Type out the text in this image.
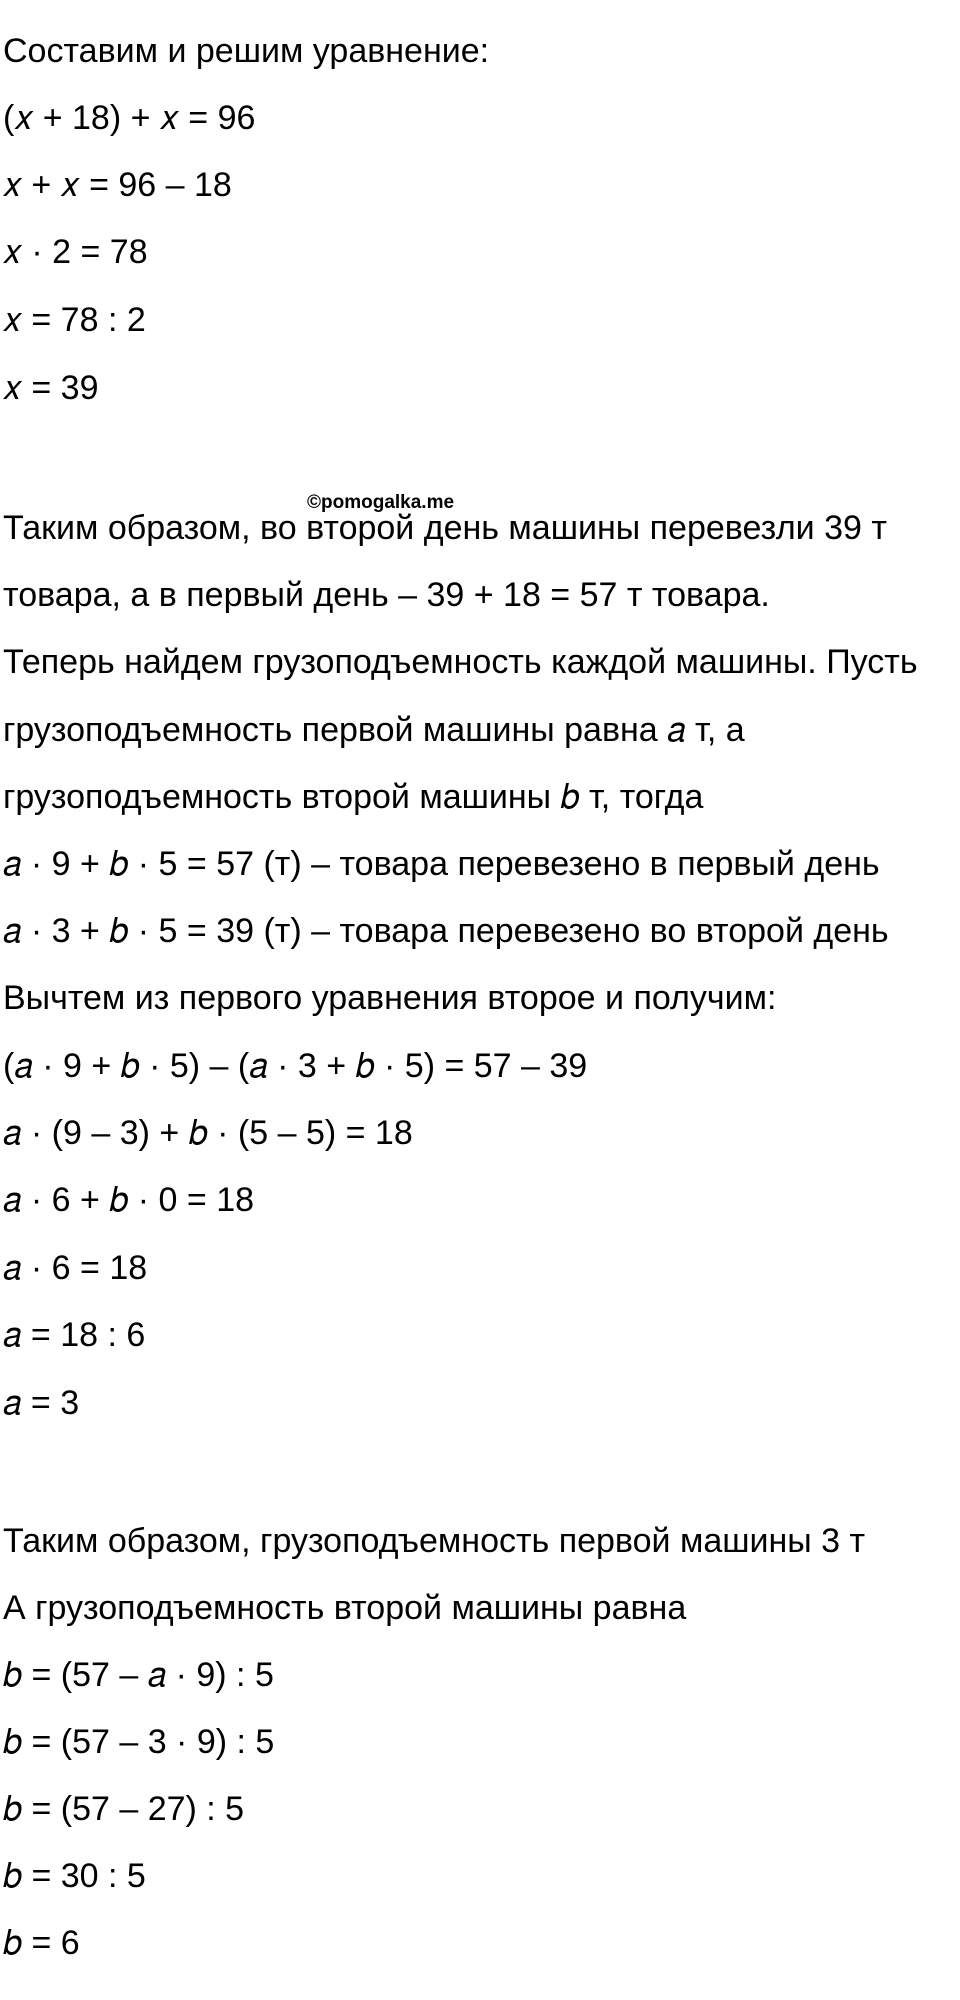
Составим и решим уравнение:
(𝑥 + 18) + 𝑥 = 96
𝑥 + 𝑥 = 96 – 18
𝑥 · 2 = 78
𝑥 = 78 : 2
𝑥 = 39
©pomogalka.me
Таким образом, во второй день машины перевезли 39 т
товара, а в первый день – 39 + 18 = 57 т товара.
Теперь найдем грузоподъемность каждой машины. Пусть
грузоподъемность первой машины равна 𝑎 т, а
грузоподъемность второй машины 𝑏 т, тогда
𝑎 · 9 + 𝑏 · 5 = 57 (т) – товара перевезено в первый день
𝑎 · 3 + 𝑏 · 5 = 39 (т) – товара перевезено во второй день
Вычтем из первого уравнения второе и получим:
(𝑎 · 9 + 𝑏 · 5) – (𝑎 · 3 + 𝑏 · 5) = 57 – 39
𝑎 · (9 – 3) + 𝑏 · (5 – 5) = 18
𝑎 · 6 + 𝑏 · 0 = 18
𝑎 · 6 = 18
𝑎 = 18 : 6
𝑎 = 3
Таким образом, грузоподъемность первой машины 3 т
А грузоподъемность второй машины равна
𝑏 = (57 – 𝑎 · 9) : 5
𝑏 = (57 – 3 · 9) : 5
𝑏 = (57 – 27) : 5
𝑏 = 30 : 5
𝑏 = 6
